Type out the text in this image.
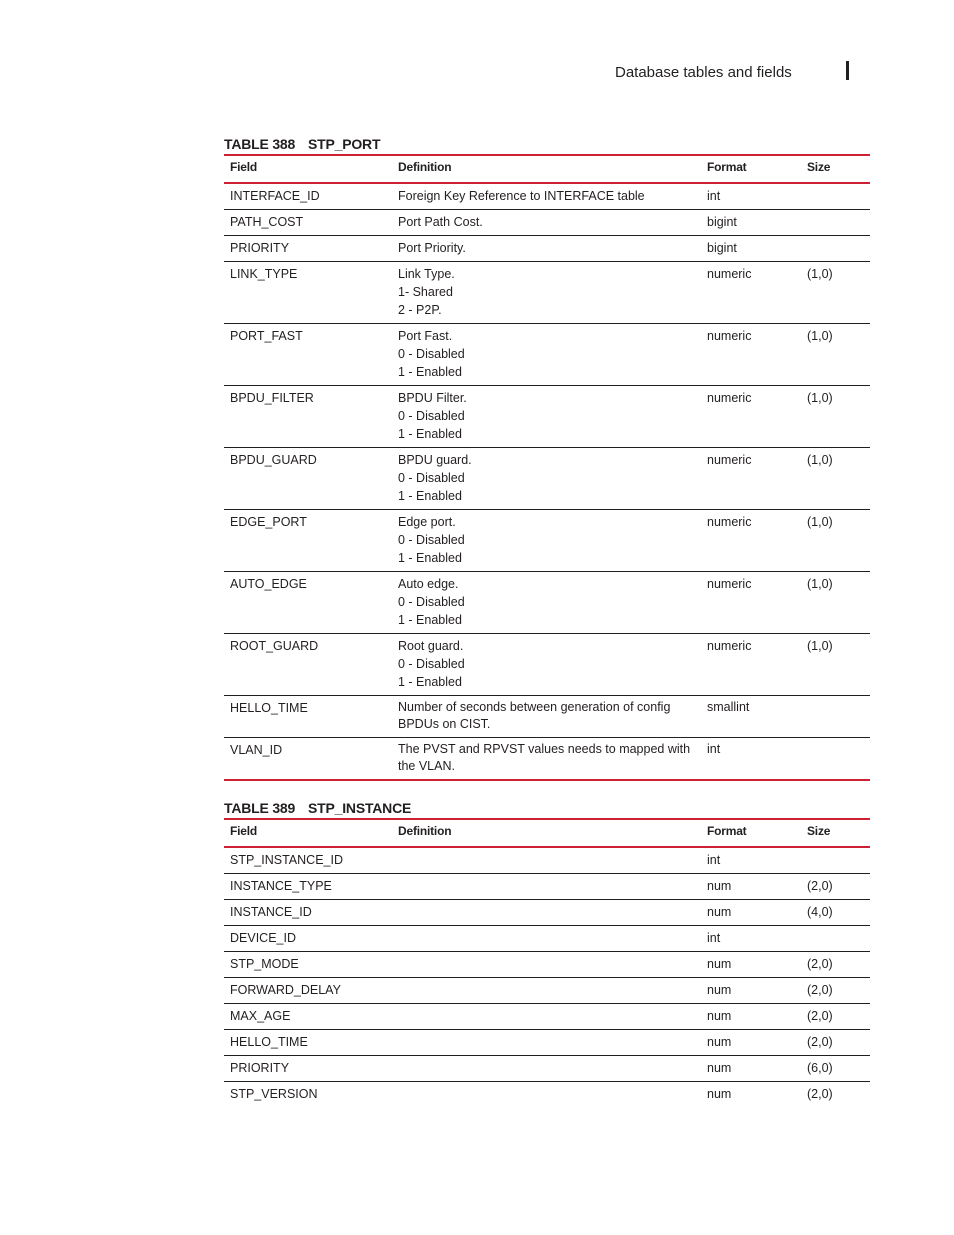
Database tables and fields
TABLE 388 STP_PORT
Field	Definition	Format	Size
INTERFACE_ID	Foreign Key Reference to INTERFACE table	int	
PATH_COST	Port Path Cost.	bigint	
PRIORITY	Port Priority.	bigint	
LINK_TYPE	Link Type.
1- Shared
2 - P2P.	numeric	(1,0)
PORT_FAST	Port Fast.
0 - Disabled
1 - Enabled	numeric	(1,0)
BPDU_FILTER	BPDU Filter.
0 - Disabled
1 - Enabled	numeric	(1,0)
BPDU_GUARD	BPDU guard.
0 - Disabled
1 - Enabled	numeric	(1,0)
EDGE_PORT	Edge port.
0 - Disabled
1 - Enabled	numeric	(1,0)
AUTO_EDGE	Auto edge.
0 - Disabled
1 - Enabled	numeric	(1,0)
ROOT_GUARD	Root guard.
0 - Disabled
1 - Enabled	numeric	(1,0)
HELLO_TIME	Number of seconds between generation of config
BPDUs on CIST.	smallint	
VLAN_ID	The PVST and RPVST values needs to mapped with
the VLAN.	int	
TABLE 389 STP_INSTANCE
Field	Definition	Format	Size
STP_INSTANCE_ID		int	
INSTANCE_TYPE		num	(2,0)
INSTANCE_ID		num	(4,0)
DEVICE_ID		int	
STP_MODE		num	(2,0)
FORWARD_DELAY		num	(2,0)
MAX_AGE		num	(2,0)
HELLO_TIME		num	(2,0)
PRIORITY		num	(6,0)
STP_VERSION		num	(2,0)
